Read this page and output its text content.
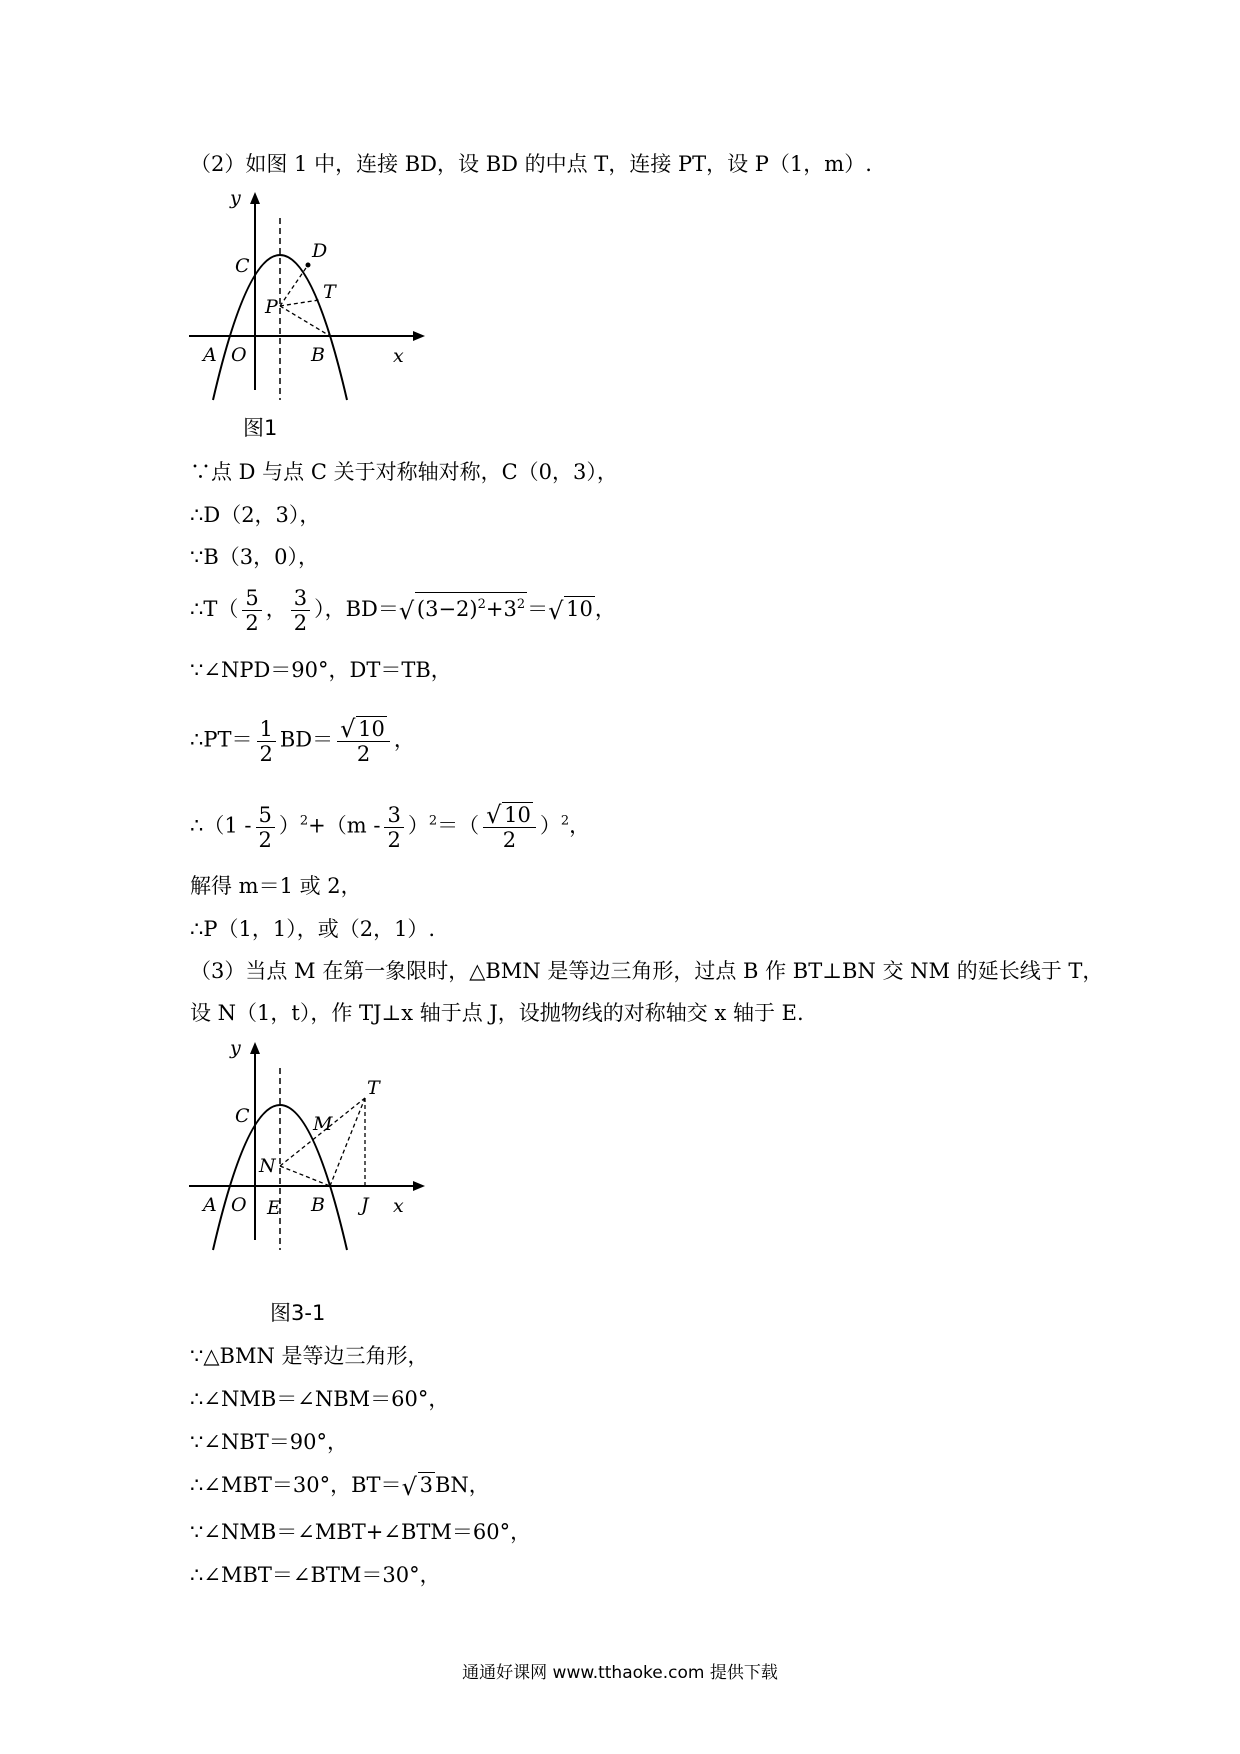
（2）如图 1 中，连接 BD，设 BD 的中点 T，连接 PT，设 P（1，m）.
y
x
C
D
P
T
A O	B
图1
∵点 D 与点 C 关于对称轴对称，C（0，3），
∴D（2，3），
∵B（3，0），
∴T（ $\frac{5}{2}$ ， $\frac{3}{2}$ ），BD＝ √ $(3-2)^2+3^2=$ √ 10，
∵∠NPD＝90°，DT＝TB，
∴PT＝ $\frac{1}{2} BD= \frac{√ 10}{2}$ ，
∴（1 - $\frac{5}{2} )^2+(m - \frac{3}{2} )^2=( \frac{√ 10}{2} )^2$，
解得 m＝1 或 2，
∴P（1，1），或（2，1）.
（3）当点 M 在第一象限时，△BMN 是等边三角形，过点 B 作 BT⊥BN 交 NM 的延长线于 T，
设 N（1，t），作 TJ⊥x 轴于点 J，设抛物线的对称轴交 x 轴于 E.
y
x
C	M
T
N
A O E B J
图3-1
∵△BMN 是等边三角形，
∴∠NMB＝∠NBM＝60°，
∵∠NBT＝90°，
∴∠MBT＝30°，BT＝ √ 3BN，
∵∠NMB＝∠MBT+∠BTM＝60°，
∴∠MBT＝∠BTM＝30°，
通通好课网 www.tthaoke.com 提供下载
